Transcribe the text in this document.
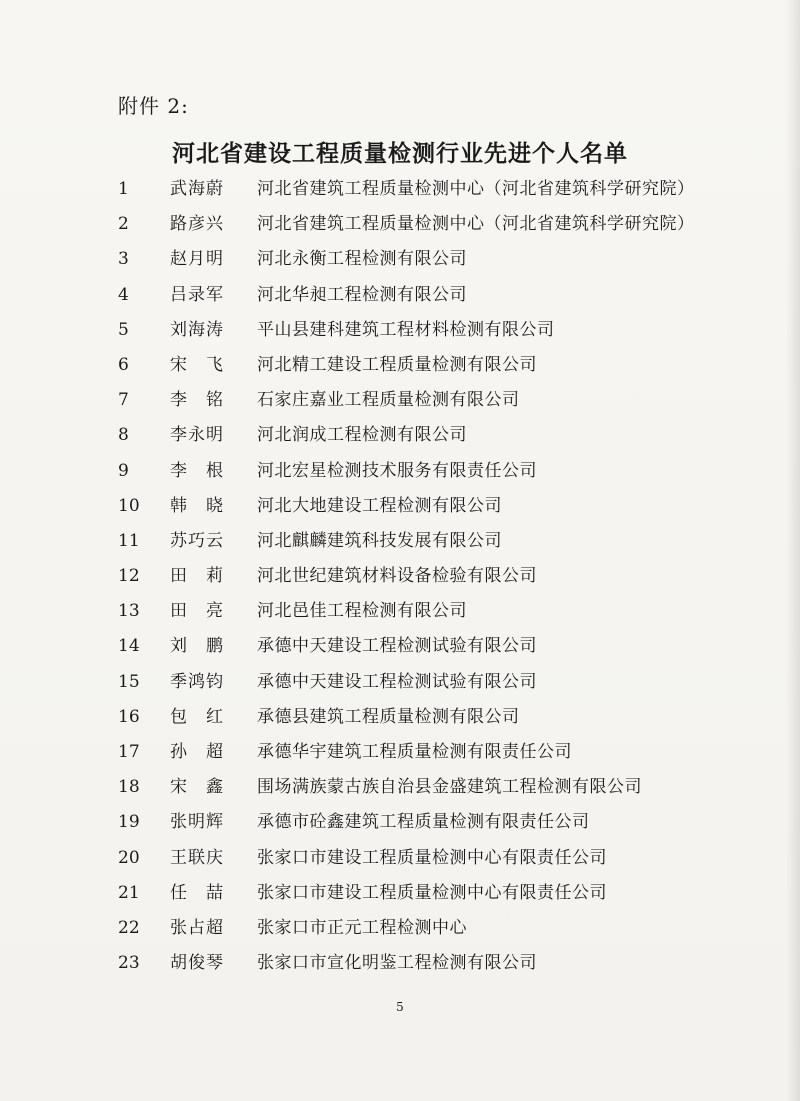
附件 2:
河北省建设工程质量检测行业先进个人名单
1	武海蔚	河北省建筑工程质量检测中心（河北省建筑科学研究院）
2	路彦兴	河北省建筑工程质量检测中心（河北省建筑科学研究院）
3	赵月明	河北永衡工程检测有限公司
4	吕录军	河北华昶工程检测有限公司
5	刘海涛	平山县建科建筑工程材料检测有限公司
6	宋　飞	河北精工建设工程质量检测有限公司
7	李　铭	石家庄嘉业工程质量检测有限公司
8	李永明	河北润成工程检测有限公司
9	李　根	河北宏星检测技术服务有限责任公司
10	韩　晓	河北大地建设工程检测有限公司
11	苏巧云	河北麒麟建筑科技发展有限公司
12	田　莉	河北世纪建筑材料设备检验有限公司
13	田　亮	河北邑佳工程检测有限公司
14	刘　鹏	承德中天建设工程检测试验有限公司
15	季鸿钧	承德中天建设工程检测试验有限公司
16	包　红	承德县建筑工程质量检测有限公司
17	孙　超	承德华宇建筑工程质量检测有限责任公司
18	宋　鑫	围场满族蒙古族自治县金盛建筑工程检测有限公司
19	张明辉	承德市砼鑫建筑工程质量检测有限责任公司
20	王联庆	张家口市建设工程质量检测中心有限责任公司
21	任　喆	张家口市建设工程质量检测中心有限责任公司
22	张占超	张家口市正元工程检测中心
23	胡俊琴	张家口市宣化明鉴工程检测有限公司
5
